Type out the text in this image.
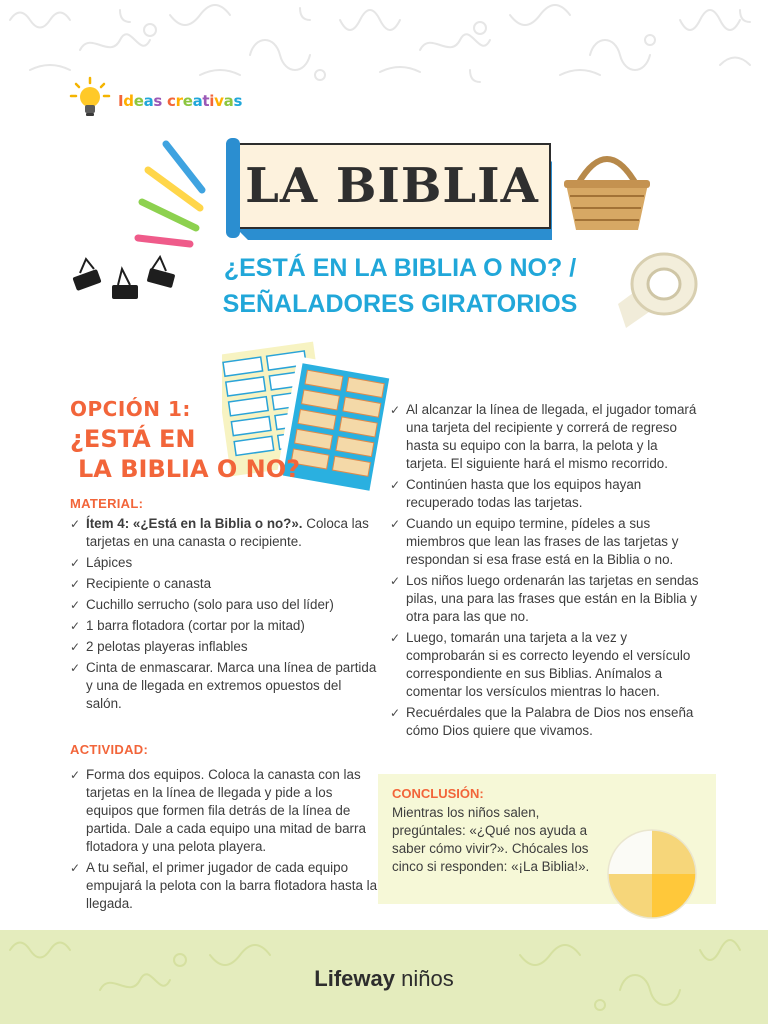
Ideas creativas
LA BIBLIA
¿ESTÁ EN LA BIBLIA O NO? /
SEÑALADORES GIRATORIOS
OPCIÓN 1:
¿ESTÁ EN
LA BIBLIA O NO?
MATERIAL:
✓ Ítem 4: «¿Está en la Biblia o no?». Coloca las tarjetas en una canasta o recipiente.
✓ Lápices
✓ Recipiente o canasta
✓ Cuchillo serrucho (solo para uso del líder)
✓ 1 barra flotadora (cortar por la mitad)
✓ 2 pelotas playeras inflables
✓ Cinta de enmascarar. Marca una línea de partida y una de llegada en extremos opuestos del salón.
ACTIVIDAD:
✓ Forma dos equipos. Coloca la canasta con las tarjetas en la línea de llegada y pide a los equipos que formen fila detrás de la línea de partida. Dale a cada equipo una mitad de barra flotadora y una pelota playera.
✓ A tu señal, el primer jugador de cada equipo empujará la pelota con la barra flotadora hasta la llegada.
✓ Al alcanzar la línea de llegada, el jugador tomará una tarjeta del recipiente y correrá de regreso hasta su equipo con la barra, la pelota y la tarjeta. El siguiente hará el mismo recorrido.
✓ Continúen hasta que los equipos hayan recuperado todas las tarjetas.
✓ Cuando un equipo termine, pídeles a sus miembros que lean las frases de las tarjetas y respondan si esa frase está en la Biblia o no.
✓ Los niños luego ordenarán las tarjetas en sendas pilas, una para las frases que están en la Biblia y otra para las que no.
✓ Luego, tomarán una tarjeta a la vez y comprobarán si es correcto leyendo el versículo correspondiente en sus Biblias. Anímalos a comentar los versículos mientras lo hacen.
✓ Recuérdales que la Palabra de Dios nos enseña cómo Dios quiere que vivamos.
CONCLUSIÓN:
Mientras los niños salen, pregúntales: «¿Qué nos ayuda a saber cómo vivir?». Chócales los cinco si responden: «¡La Biblia!».
Lifeway niños
